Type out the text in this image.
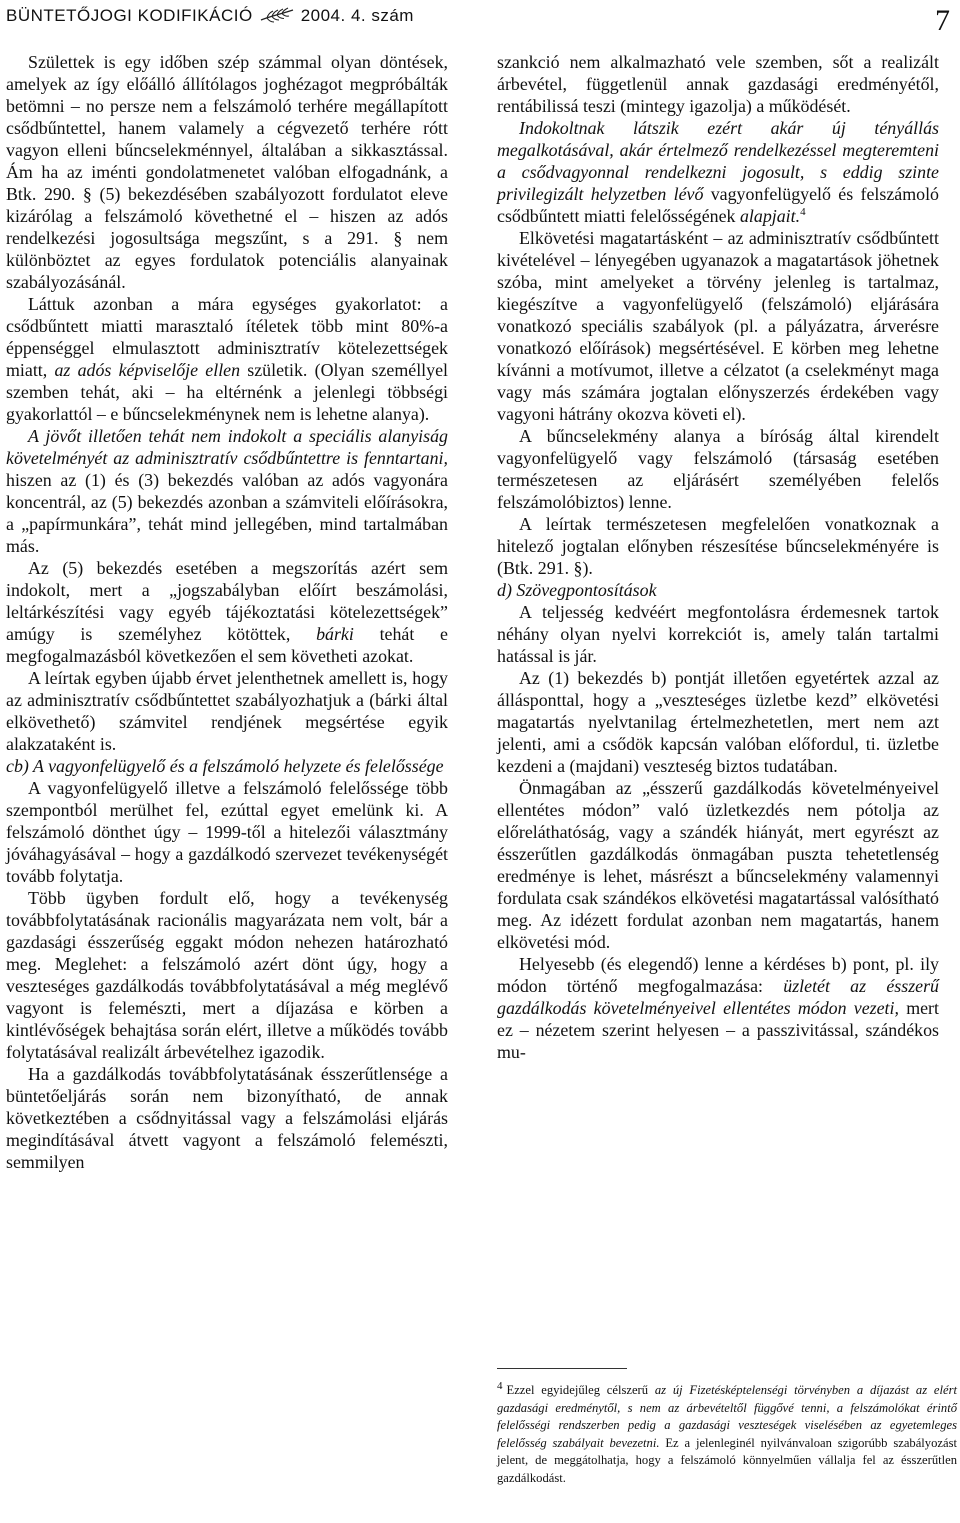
BÜNTETŐJOGI KODIFIKÁCIÓ	2004. 4. szám	7

Születtek is egy időben szép számmal olyan döntések, amelyek az így előálló állítólagos joghézagot megpróbálták betömni – no persze nem a felszámoló terhére megállapított csődbűntettel, hanem valamely a cégvezető terhére rótt vagyon elleni bűncselekménnyel, általában a sikkasztással. Ám ha az iménti gondolatmenetet valóban elfogadnánk, a Btk. 290. § (5) bekezdésében szabályozott fordulatot eleve kizárólag a felszámoló követhetné el – hiszen az adós rendelkezési jogosultsága megszűnt, s a 291. § nem különböztet az egyes fordulatok potenciális alanyainak szabályozásánál.

Láttuk azonban a mára egységes gyakorlatot: a csődbűntett miatti marasztaló ítéletek több mint 80%-a éppenséggel elmulasztott adminisztratív kötelezettségek miatt, az adós képviselője ellen születik. (Olyan személlyel szemben tehát, aki – ha eltérnénk a jelenlegi többségi gyakorlattól – e bűncselekménynek nem is lehetne alanya).

A jövőt illetően tehát nem indokolt a speciális alanyiság követelményét az adminisztratív csődbűntettre is fenntartani, hiszen az (1) és (3) bekezdés valóban az adós vagyonára koncentrál, az (5) bekezdés azonban a számviteli előírásokra, a „papírmunkára”, tehát mind jellegében, mind tartalmában más.

Az (5) bekezdés esetében a megszorítás azért sem indokolt, mert a „jogszabályban előírt beszámolási, leltárkészítési vagy egyéb tájékoztatási kötelezettségek” amúgy is személyhez kötöttek, bárki tehát e megfogalmazásból következően el sem követheti azokat.

A leírtak egyben újabb érvet jelenthetnek amellett is, hogy az adminisztratív csődbűntettet szabályozhatjuk a (bárki által elkövethető) számvitel rendjének megsértése egyik alakzataként is.

cb) A vagyonfelügyelő és a felszámoló helyzete és felelőssége

A vagyonfelügyelő illetve a felszámoló felelőssége több szempontból merülhet fel, ezúttal egyet emelünk ki. A felszámoló dönthet úgy – 1999-től a hitelezői választmány jóváhagyásával – hogy a gazdálkodó szervezet tevékenységét tovább folytatja.

Több ügyben fordult elő, hogy a tevékenység továbbfolytatásának racionális magyarázata nem volt, bár a gazdasági ésszerűség eggakt módon nehezen határozható meg. Meglehet: a felszámoló azért dönt úgy, hogy a veszteséges gazdálkodás továbbfolytatásával a még meglévő vagyont is felemészti, mert a díjazása e körben a kintlévőségek behajtása során elért, illetve a működés tovább folytatásával realizált árbevételhez igazodik.

Ha a gazdálkodás továbbfolytatásának ésszerűtlensége a büntetőeljárás során nem bizonyítható, de annak következtében a csődnyitással vagy a felszámolási eljárás megindításával átvett vagyont a felszámoló felemészti, semmilyen

szankció nem alkalmazható vele szemben, sőt a realizált árbevétel, függetlenül annak gazdasági eredményétől, rentábilissá teszi (mintegy igazolja) a működését.

Indokoltnak látszik ezért akár új tényállás megalkotásával, akár értelmező rendelkezéssel megteremteni a csődvagyonnal rendelkezni jogosult, s eddig szinte privilegizált helyzetben lévő vagyonfelügyelő és felszámoló csődbűntett miatti felelősségének alapjait.$^4$

Elkövetési magatartásként – az adminisztratív csődbűntett kivételével – lényegében ugyanazok a magatartások jöhetnek szóba, mint amelyeket a törvény jelenleg is tartalmaz, kiegészítve a vagyonfelügyelő (felszámoló) eljárására vonatkozó speciális szabályok (pl. a pályázatra, árverésre vonatkozó előírások) megsértésével. E körben meg lehetne kívánni a motívumot, illetve a célzatot (a cselekményt maga vagy más számára jogtalan előnyszerzés érdekében vagy vagyoni hátrány okozva követi el).

A bűncselekmény alanya a bíróság által kirendelt vagyonfelügyelő vagy felszámoló (társaság esetében természetesen az eljárásért személyében felelős felszámolóbiztos) lenne.

A leírtak természetesen megfelelően vonatkoznak a hitelező jogtalan előnyben részesítése bűncselekményére is (Btk. 291. §).

d) Szövegpontosítások

A teljesség kedvéért megfontolásra érdemesnek tartok néhány olyan nyelvi korrekciót is, amely talán tartalmi hatással is jár.

Az (1) bekezdés b) pontját illetően egyetértek azzal az állásponttal, hogy a „veszteséges üzletbe kezd” elkövetési magatartás nyelvtanilag értelmezhetetlen, mert nem azt jelenti, ami a csődök kapcsán valóban előfordul, ti. üzletbe kezdeni a (majdani) veszteség biztos tudatában.

Önmagában az „ésszerű gazdálkodás követelményeivel ellentétes módon” való üzletkezdés nem pótolja az előreláthatóság, vagy a szándék hiányát, mert egyrészt az ésszerűtlen gazdálkodás önmagában puszta tehetetlenség eredménye is lehet, másrészt a bűncselekmény valamennyi fordulata csak szándékos elkövetési magatartással valósítható meg. Az idézett fordulat azonban nem magatartás, hanem elkövetési mód.

Helyesebb (és elegendő) lenne a kérdéses b) pont, pl. ily módon történő megfogalmazása: üzletét az ésszerű gazdálkodás követelményeivel ellentétes módon vezeti, mert ez – nézetem szerint helyesen – a passzivitással, szándékos mu-

4 Ezzel egyidejűleg célszerű az új Fizetésképtelenségi törvényben a díjazást az elért gazdasági eredménytől, s nem az árbevételtől függővé tenni, a felszámolókat érintő felelősségi rendszerben pedig a gazdasági veszteségek viselésében az egyetemleges felelősség szabályait bevezetni. Ez a jelenleginél nyilvánvaloan szigorúbb szabályozást jelent, de meggátolhatja, hogy a felszámoló könnyelműen vállalja fel az ésszerűtlen gazdálkodást.
